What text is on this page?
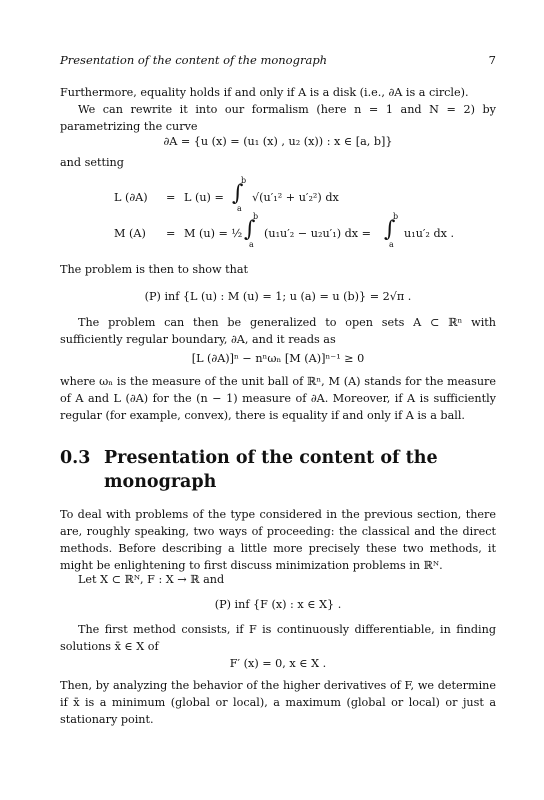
Presentation of the content of the monograph	7

Furthermore, equality holds if and only if A is a disk (i.e., ∂A is a circle).

We can rewrite it into our formalism (here n = 1 and N = 2) by parametrizing the curve

∂A = {u (x) = (u₁ (x) , u₂ (x)) : x ∈ [a, b]}

and setting

L (∂A) = L (u) = ∫
b
a
√(u′₁² + u′₂²) dx
M (A) = M (u) = ½ ∫
b
a
(u₁u′₂ − u₂u′₁) dx = ∫
b
a
u₁u′₂ dx .

The problem is then to show that

(P) inf {L (u) : M (u) = 1; u (a) = u (b)} = 2√π .

The problem can then be generalized to open sets A ⊂ ℝⁿ with sufficiently regular boundary, ∂A, and it reads as

[L (∂A)]ⁿ − nⁿωₙ [M (A)]ⁿ⁻¹ ≥ 0

where ωₙ is the measure of the unit ball of ℝⁿ, M (A) stands for the measure of A and L (∂A) for the (n − 1) measure of ∂A. Moreover, if A is sufficiently regular (for example, convex), there is equality if and only if A is a ball.

0.3 Presentation of the content of the monograph

To deal with problems of the type considered in the previous section, there are, roughly speaking, two ways of proceeding: the classical and the direct methods. Before describing a little more precisely these two methods, it might be enlightening to first discuss minimization problems in ℝᴺ.

Let X ⊂ ℝᴺ, F : X → ℝ and

(P) inf {F (x) : x ∈ X} .

The first method consists, if F is continuously differentiable, in finding solutions x̄ ∈ X of

F′ (x) = 0, x ∈ X .

Then, by analyzing the behavior of the higher derivatives of F, we determine if x̄ is a minimum (global or local), a maximum (global or local) or just a stationary point.
